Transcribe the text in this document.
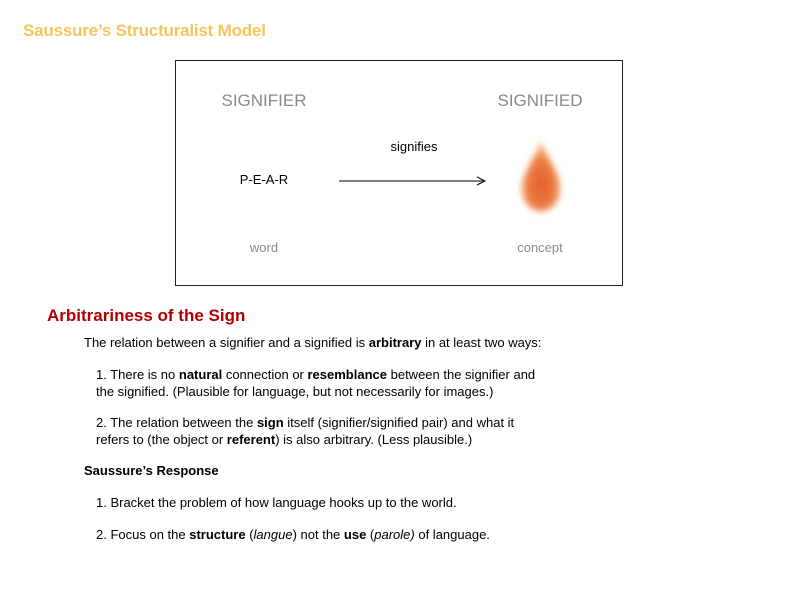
Saussure’s Structuralist Model
SIGNIFIER	SIGNIFIED
signifies
P-E-A-R
word	concept
Arbitrariness of the Sign
The relation between a signifier and a signified is arbitrary in at least two ways:
1. There is no natural connection or resemblance between the signifier and
the signified. (Plausible for language, but not necessarily for images.)
2. The relation between the sign itself (signifier/signified pair) and what it
refers to (the object or referent) is also arbitrary. (Less plausible.)
Saussure’s Response
1. Bracket the problem of how language hooks up to the world.
2. Focus on the structure (langue) not the use (parole) of language.
